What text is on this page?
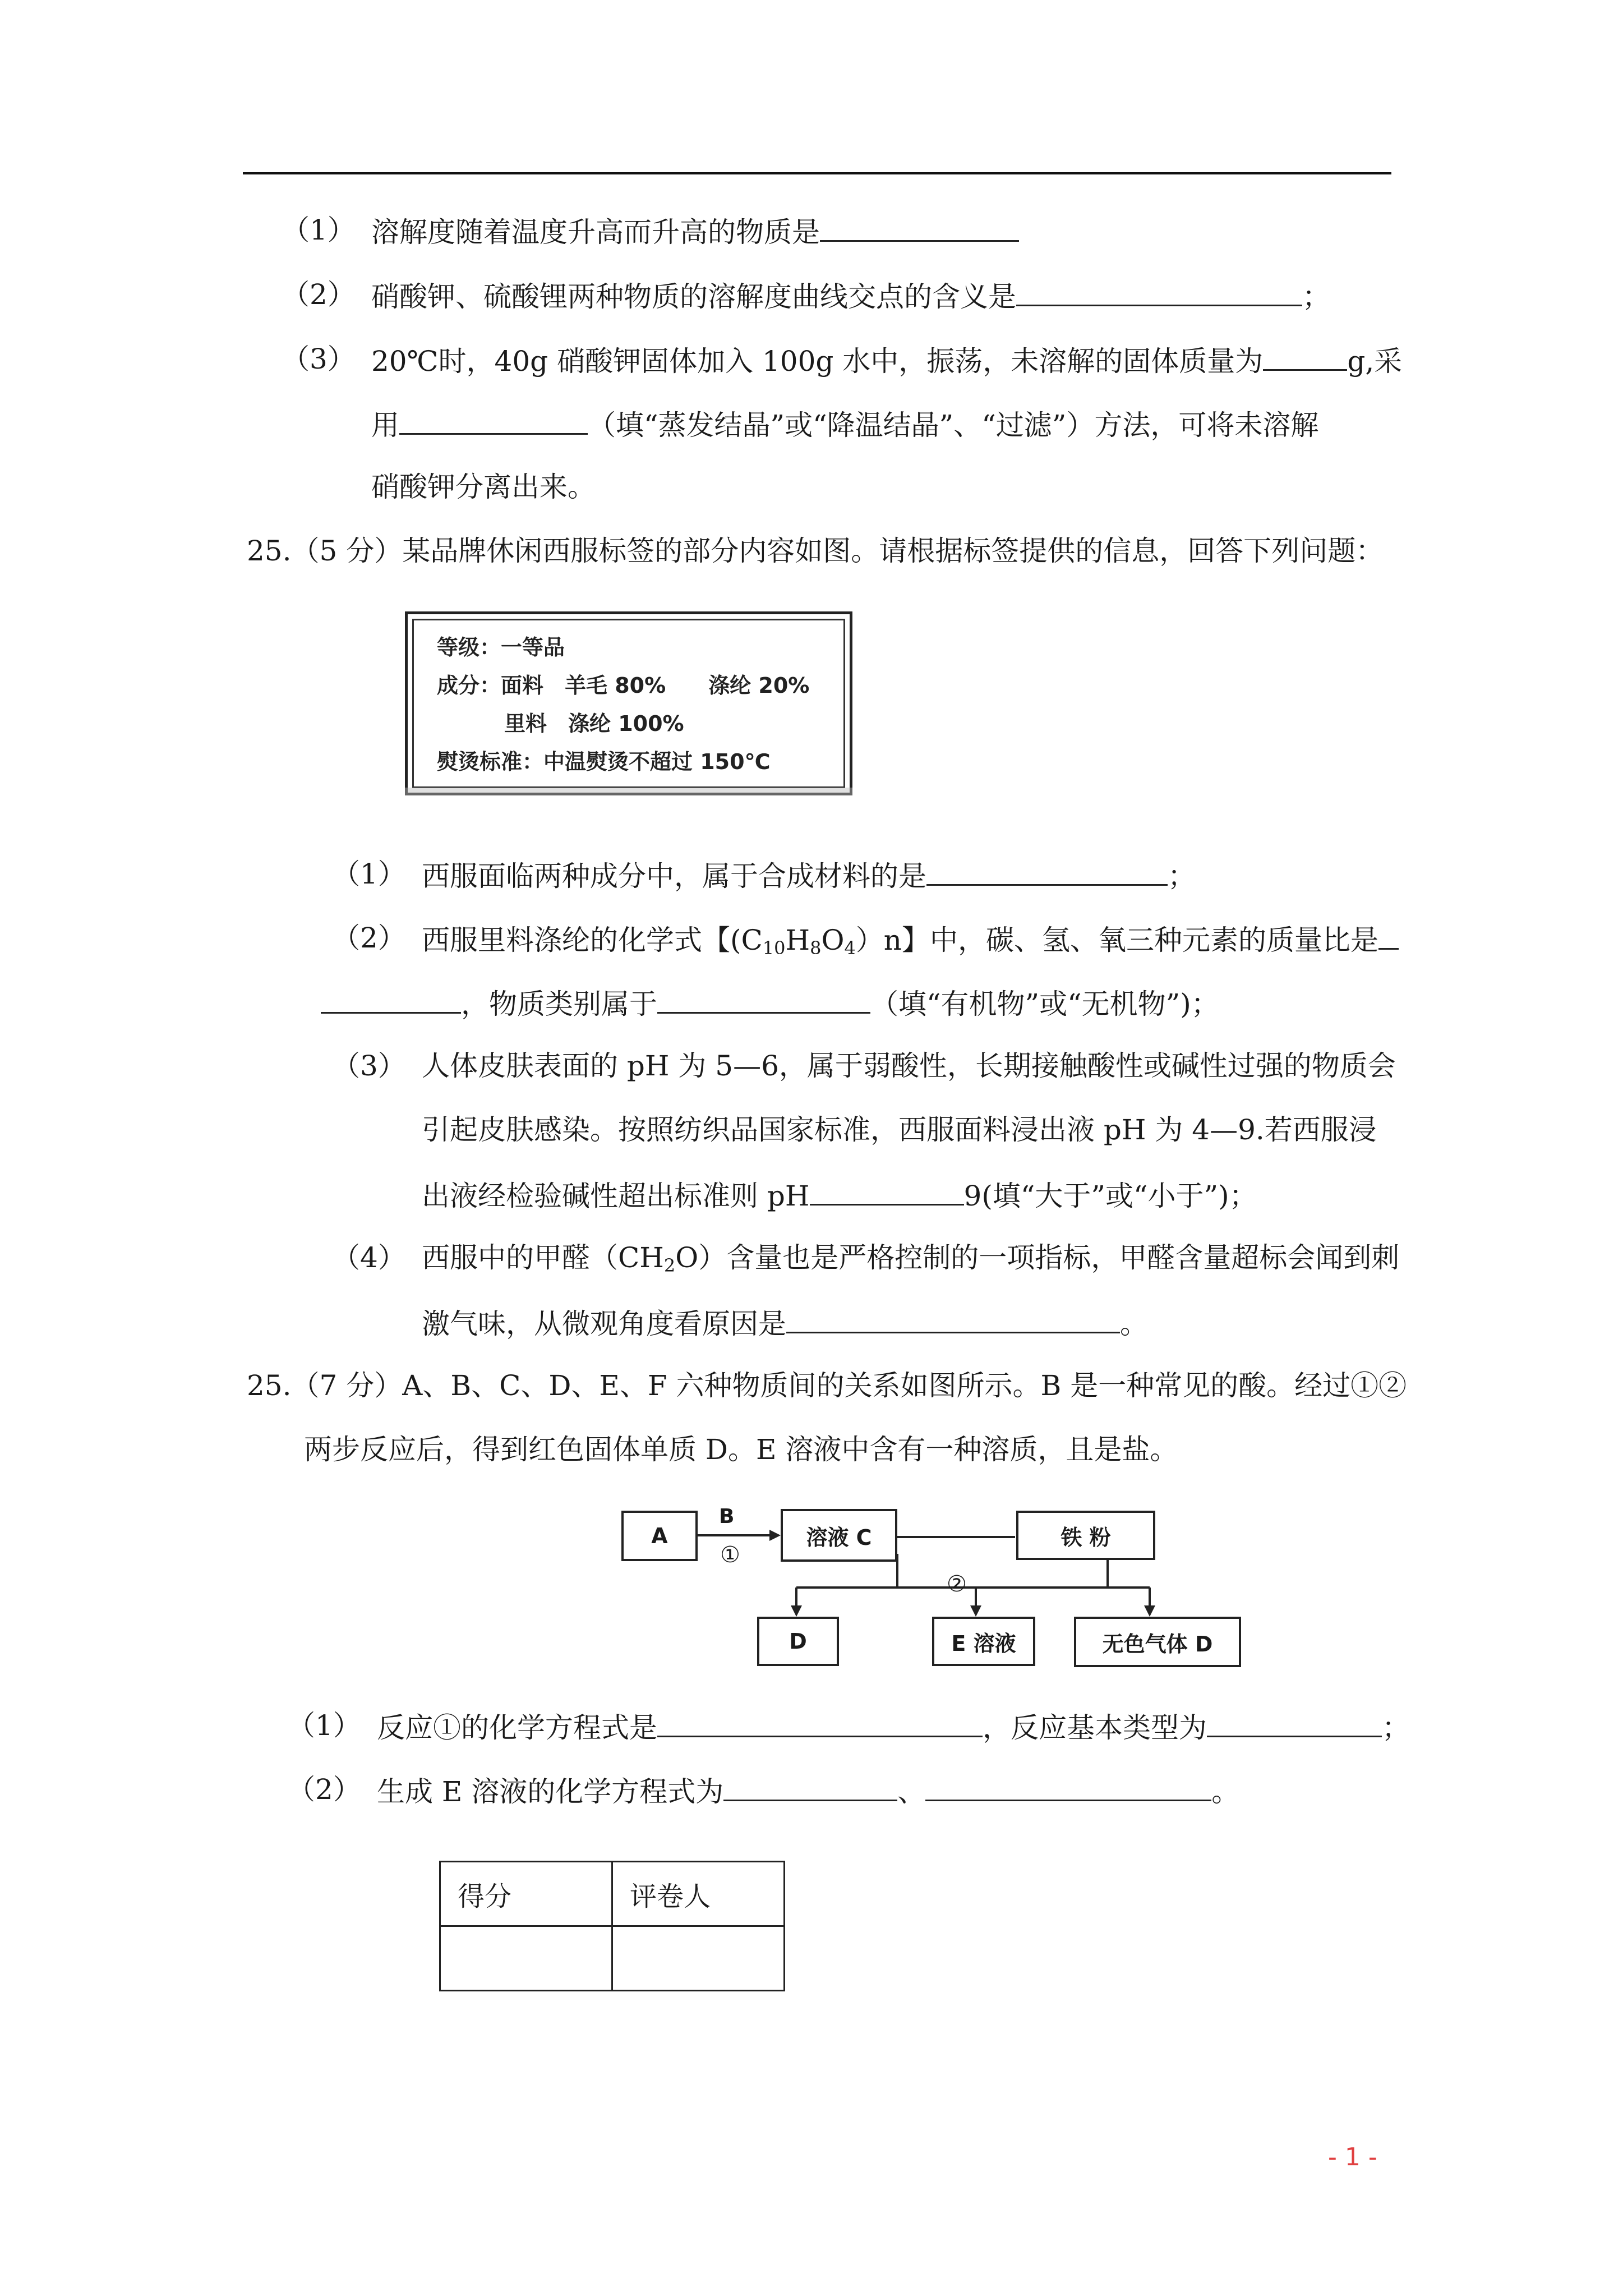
（1） 溶解度随着温度升高而升高的物质是
（2） 硝酸钾、硫酸锂两种物质的溶解度曲线交点的含义是	；
（3） 20℃时，40g 硝酸钾固体加入 100g 水中，振荡，未溶解的固体质量为	g,采
用	（填“蒸发结晶”或“降温结晶”、“过滤”）方法，可将未溶解
硝酸钾分离出来。
25.（5 分）某品牌休闲西服标签的部分内容如图。请根据标签提供的信息，回答下列问题：
等级：一等品
成分：面料　羊毛 80%　　涤纶 20%
里料　涤纶 100%
熨烫标准：中温熨烫不超过 150℃
（1） 西服面临两种成分中，属于合成材料的是	；
（2） 西服里料涤纶的化学式【$(C_{10}H_8O_4)n$】中，碳、氢、氧三种元素的质量比是
，物质类别属于	（填“有机物”或“无机物”)；
（3） 人体皮肤表面的 pH 为 5—6，属于弱酸性，长期接触酸性或碱性过强的物质会
引起皮肤感染。按照纺织品国家标准，西服面料浸出液 pH 为 4—9.若西服浸
出液经检验碱性超出标准则 pH	9(填“大于”或“小于”)；
（4） 西服中的甲醛$(CH_2O)$含量也是严格控制的一项指标，甲醛含量超标会闻到刺
激气味，从微观角度看原因是	。
25.（7 分）A、B、C、D、E、F 六种物质间的关系如图所示。B 是一种常见的酸。经过①②
两步反应后，得到红色固体单质 D。E 溶液中含有一种溶质，且是盐。
A
B
①
溶液 C	铁 粉
②
D	E 溶液	无色气体 D
（1） 反应①的化学方程式是	，反应基本类型为	；
（2） 生成 E 溶液的化学方程式为	、	。
得分	评卷人

- 1 -
